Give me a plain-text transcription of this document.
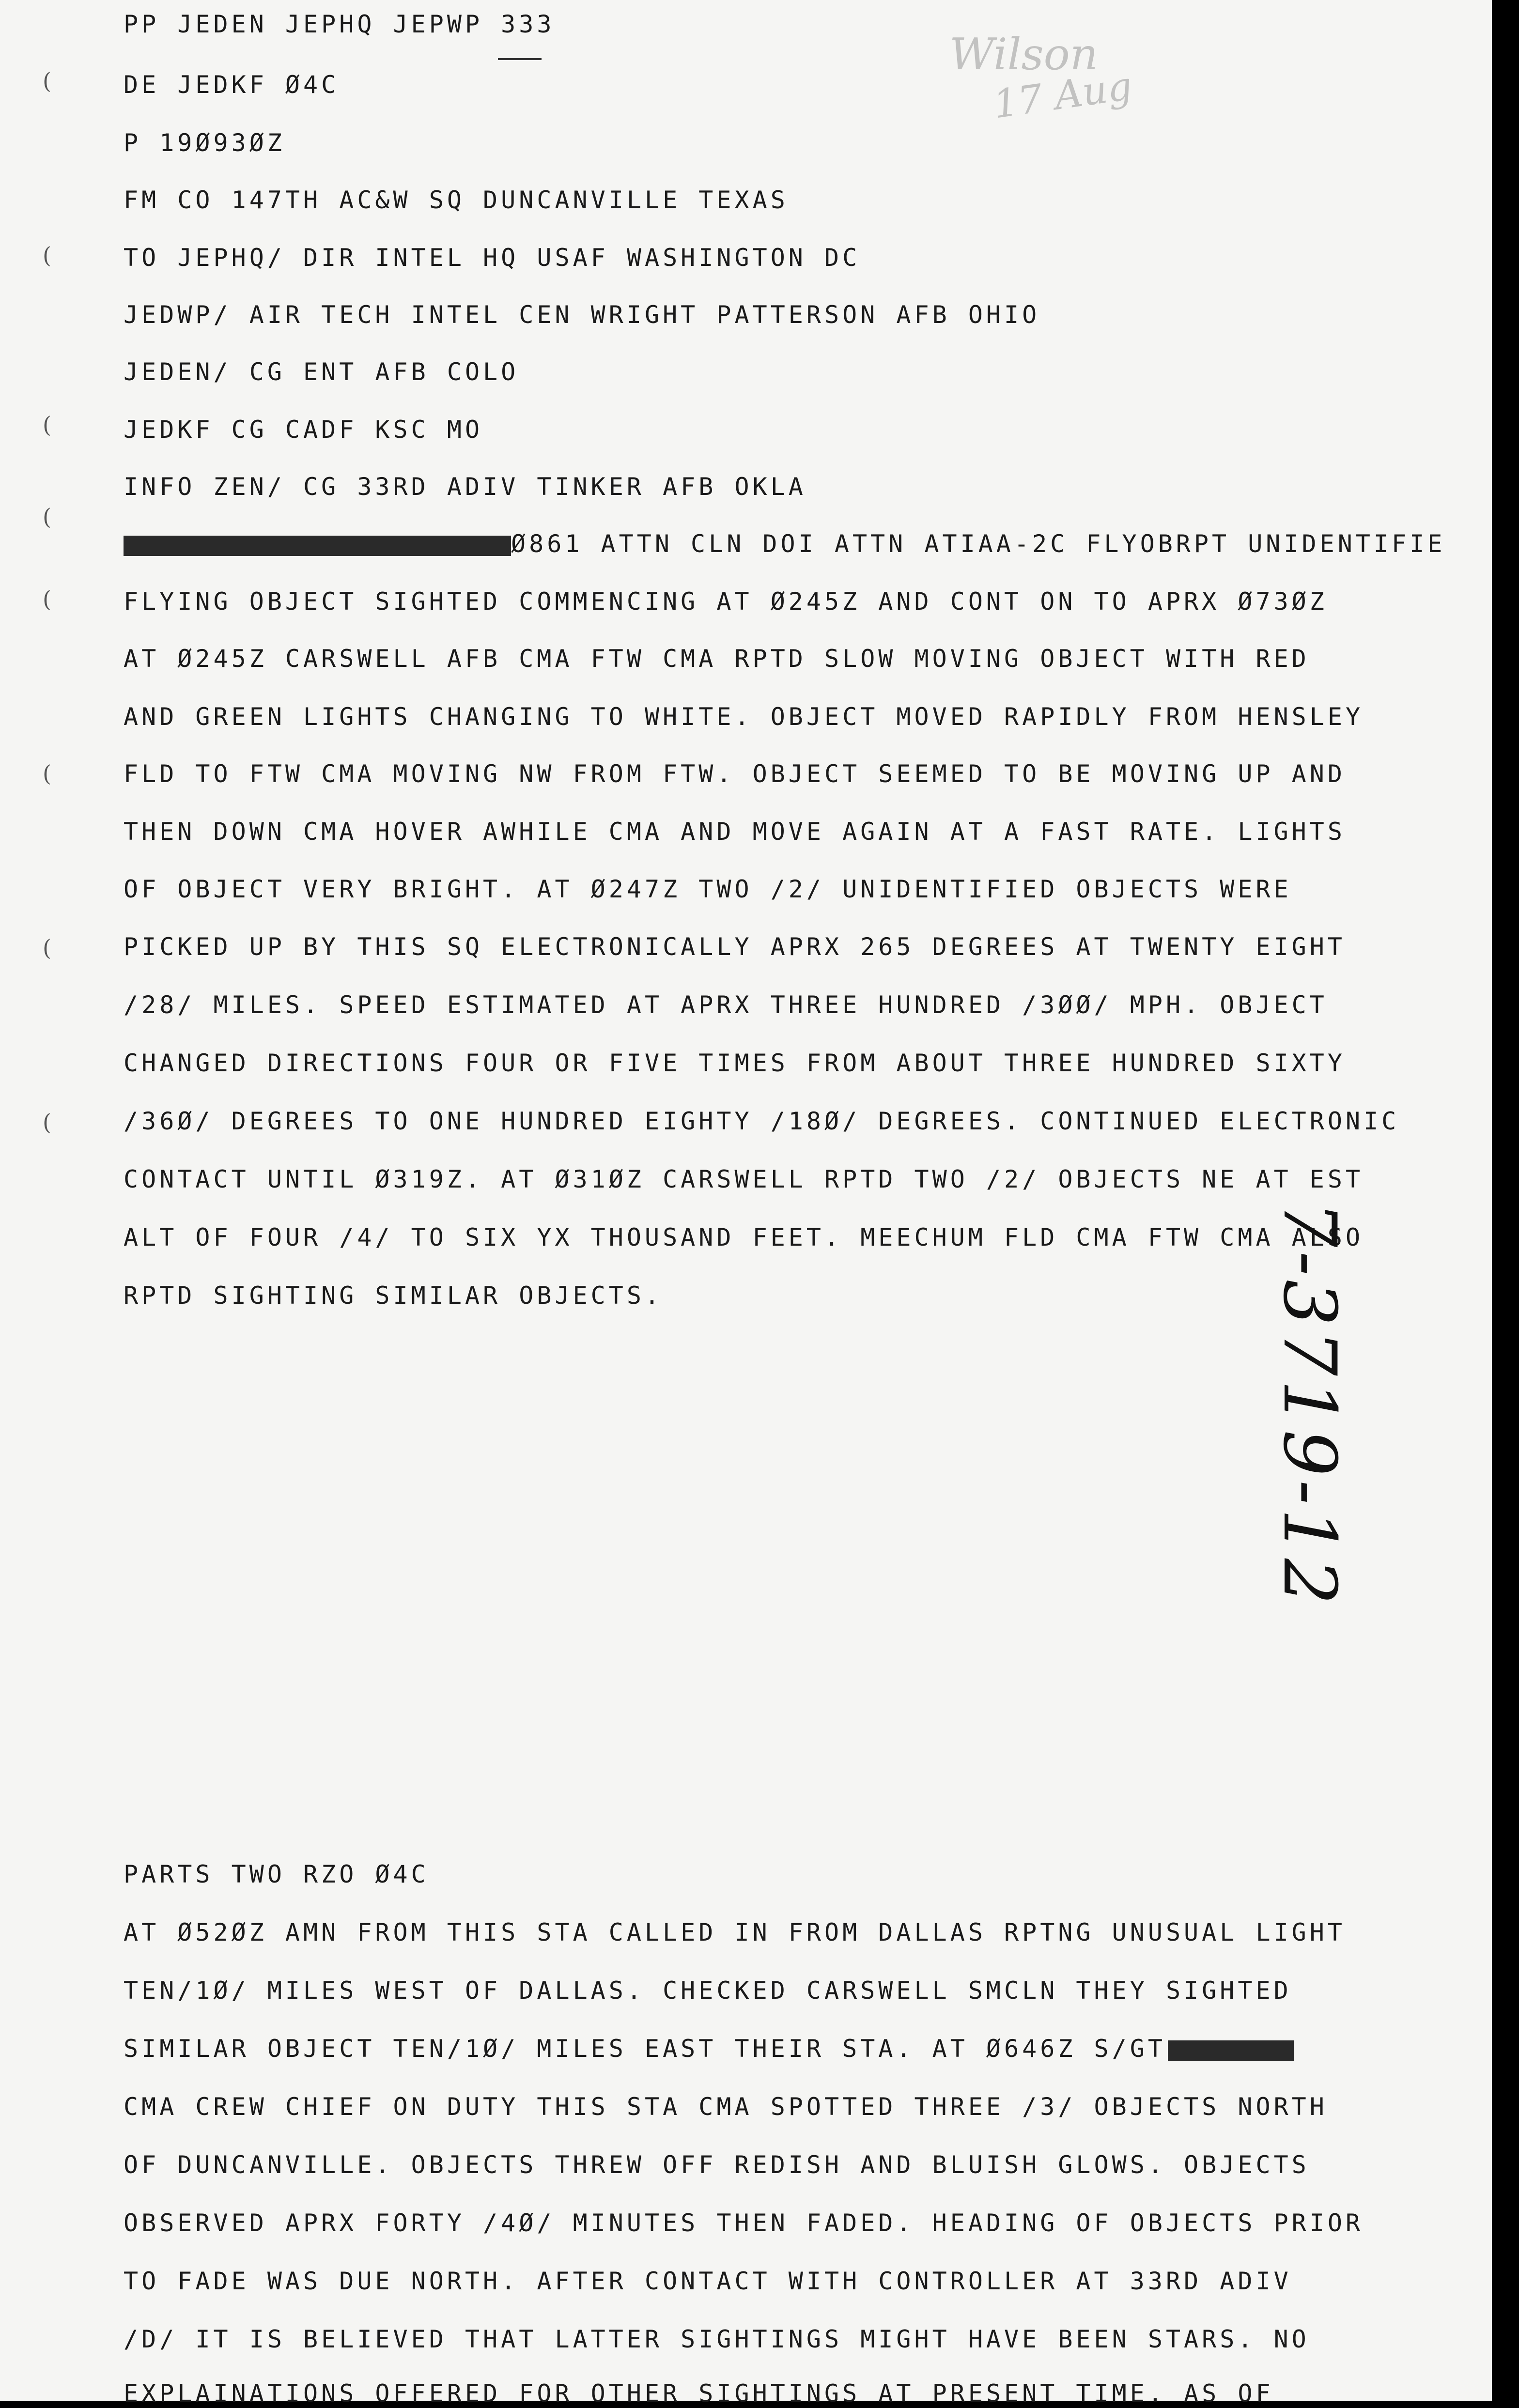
Wilson
17 Aug
(
(
(
(
(
(
(
(
PP JEDEN JEPHQ JEPWP 333
DE JEDKF Ø4C
P 19Ø93ØZ
FM CO 147TH AC&W SQ DUNCANVILLE TEXAS
TO JEPHQ/ DIR INTEL HQ USAF WASHINGTON DC
JEDWP/ AIR TECH INTEL CEN WRIGHT PATTERSON AFB OHIO
JEDEN/ CG ENT AFB COLO
JEDKF CG CADF KSC MO
INFO ZEN/ CG 33RD ADIV TINKER AFB OKLA
Ø861 ATTN CLN DOI ATTN ATIAA-2C FLYOBRPT UNIDENTIFIE
FLYING OBJECT SIGHTED COMMENCING AT Ø245Z AND CONT ON TO APRX Ø73ØZ
AT Ø245Z CARSWELL AFB CMA FTW CMA RPTD SLOW MOVING OBJECT WITH RED
AND GREEN LIGHTS CHANGING TO WHITE. OBJECT MOVED RAPIDLY FROM HENSLEY
FLD TO FTW CMA MOVING NW FROM FTW. OBJECT SEEMED TO BE MOVING UP AND
THEN DOWN CMA HOVER AWHILE CMA AND MOVE AGAIN AT A FAST RATE. LIGHTS
OF OBJECT VERY BRIGHT. AT Ø247Z TWO /2/ UNIDENTIFIED OBJECTS WERE
PICKED UP BY THIS SQ ELECTRONICALLY APRX 265 DEGREES AT TWENTY EIGHT
/28/ MILES. SPEED ESTIMATED AT APRX THREE HUNDRED /3ØØ/ MPH. OBJECT
CHANGED DIRECTIONS FOUR OR FIVE TIMES FROM ABOUT THREE HUNDRED SIXTY
/36Ø/ DEGREES TO ONE HUNDRED EIGHTY /18Ø/ DEGREES. CONTINUED ELECTRONIC
CONTACT UNTIL Ø319Z. AT Ø31ØZ CARSWELL RPTD TWO /2/ OBJECTS NE AT EST
ALT OF FOUR /4/ TO SIX YX THOUSAND FEET. MEECHUM FLD CMA FTW CMA ALSO
RPTD SIGHTING SIMILAR OBJECTS.	7-3719-12
PARTS TWO RZO Ø4C
AT Ø52ØZ AMN FROM THIS STA CALLED IN FROM DALLAS RPTNG UNUSUAL LIGHT
TEN/1Ø/ MILES WEST OF DALLAS. CHECKED CARSWELL SMCLN THEY SIGHTED
SIMILAR OBJECT TEN/1Ø/ MILES EAST THEIR STA. AT Ø646Z S/GT
CMA CREW CHIEF ON DUTY THIS STA CMA SPOTTED THREE /3/ OBJECTS NORTH
OF DUNCANVILLE. OBJECTS THREW OFF REDISH AND BLUISH GLOWS. OBJECTS
OBSERVED APRX FORTY /4Ø/ MINUTES THEN FADED. HEADING OF OBJECTS PRIOR
TO FADE WAS DUE NORTH. AFTER CONTACT WITH CONTROLLER AT 33RD ADIV
/D/ IT IS BELIEVED THAT LATTER SIGHTINGS MIGHT HAVE BEEN STARS. NO
EXPLAINATIONS OFFERED FOR OTHER SIGHTINGS AT PRESENT TIME. AS OF
